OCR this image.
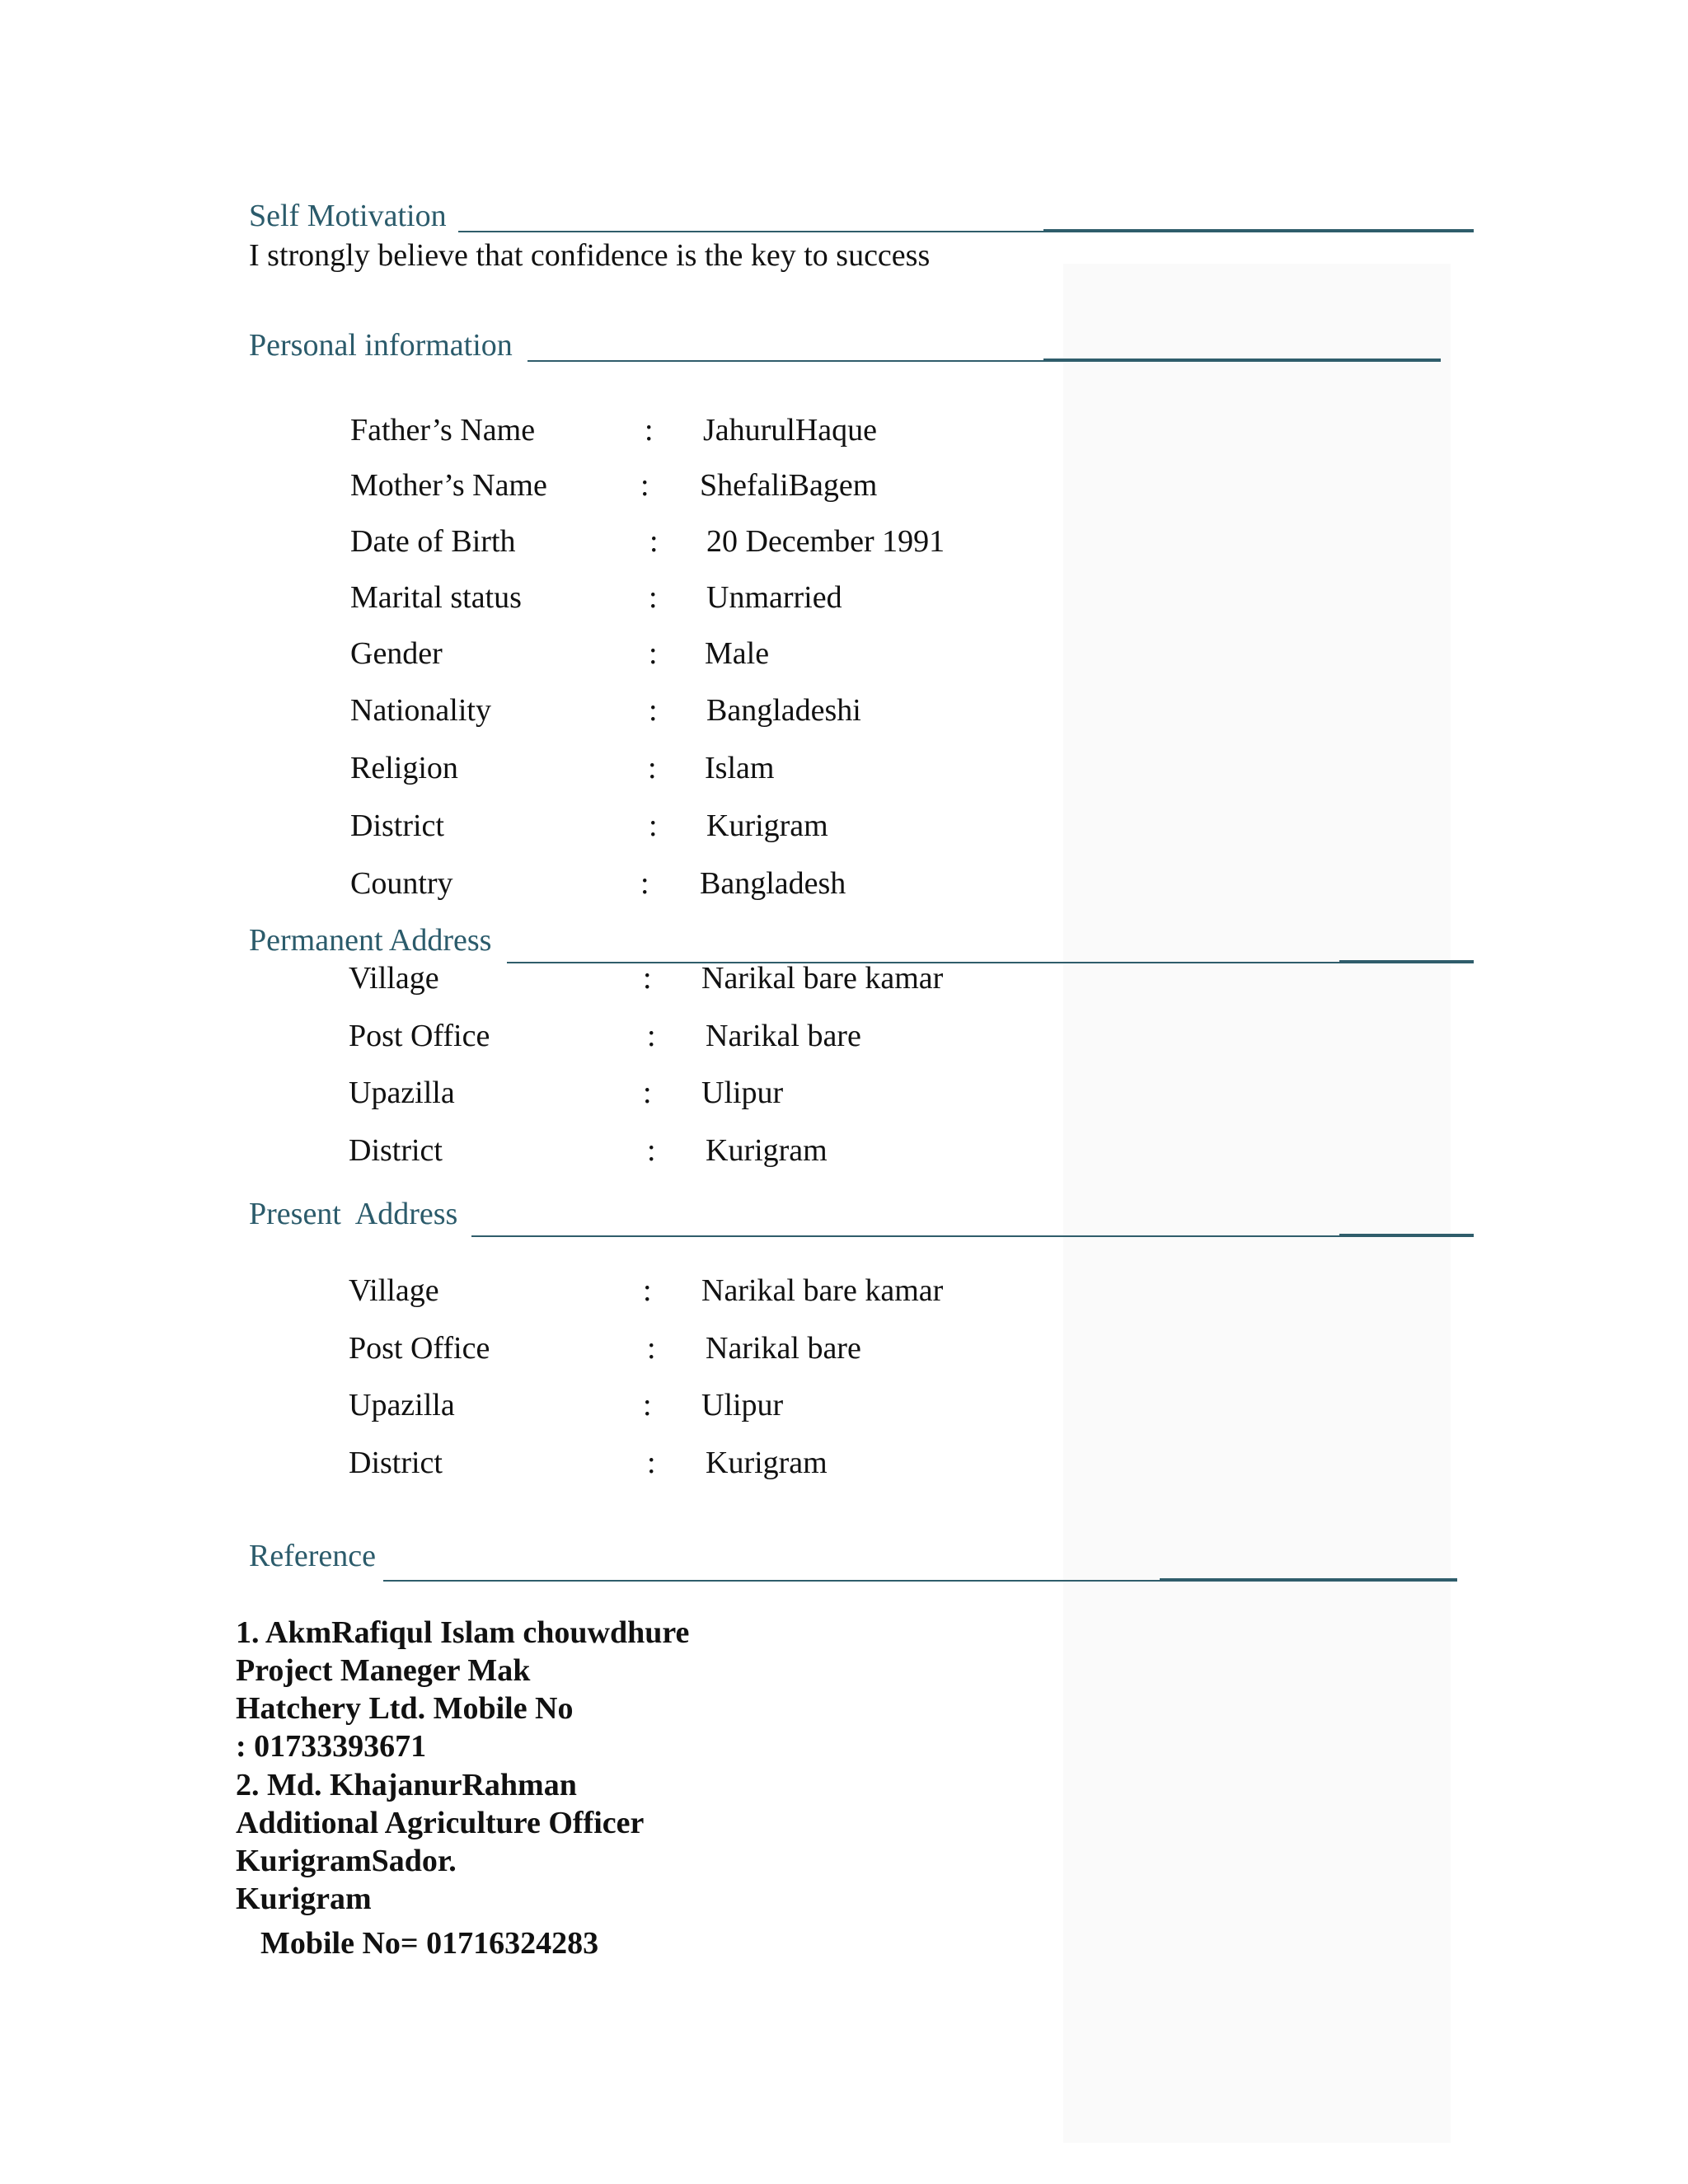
Self Motivation
I strongly believe that confidence is the key to success
Personal information
Father’s Name	: JahurulHaque
Mother’s Name	: ShefaliBagem
Date of Birth	: 20 December 1991
Marital status	: Unmarried
Gender	: Male
Nationality	: Bangladeshi
Religion	: Islam
District	: Kurigram
Country	: Bangladesh
Permanent Address
Village	: Narikal bare kamar
Post Office	: Narikal bare
Upazilla	: Ulipur
District	: Kurigram
Present  Address
Village	: Narikal bare kamar
Post Office	: Narikal bare
Upazilla	: Ulipur
District	: Kurigram
Reference
1. AkmRafiqul Islam chouwdhure
Project Maneger Mak
Hatchery Ltd. Mobile No
: 01733393671
2. Md. KhajanurRahman
Additional Agriculture Officer
KurigramSador.
Kurigram
Mobile No= 01716324283
